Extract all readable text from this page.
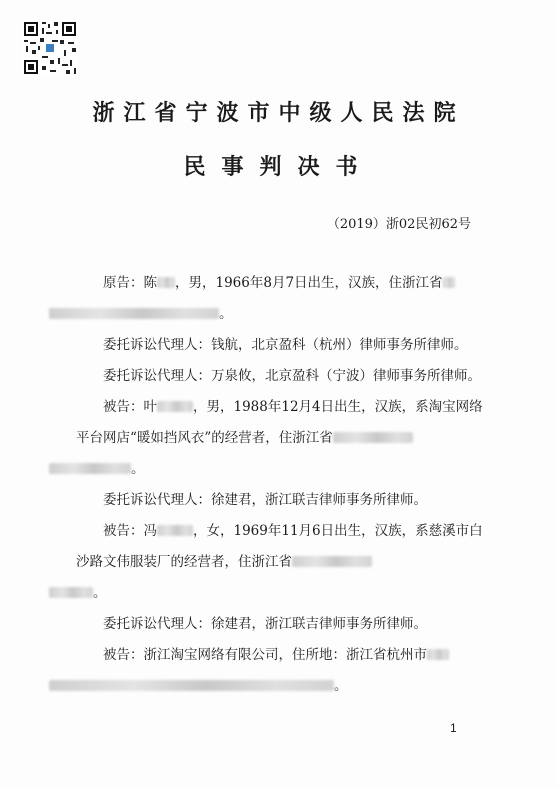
浙江省宁波市中级人民法院
民事判决书
（2019）浙02民初62号
原告：陈 ，男，1966年8月7日出生，汉族，住浙江省
。
委托诉讼代理人：钱航，北京盈科（杭州）律师事务所律师。
委托诉讼代理人：万泉攸，北京盈科（宁波）律师事务所律师。
被告：叶	，男，1988年12月4日出生，汉族，系淘宝网络平台网店“暖如挡风衣”的经营者，住浙江省
。
委托诉讼代理人：徐建君，浙江联吉律师事务所律师。
被告：冯	，女，1969年11月6日出生，汉族，系慈溪市白沙路文伟服装厂的经营者，住浙江省
。
委托诉讼代理人：徐建君，浙江联吉律师事务所律师。
被告：浙江淘宝网络有限公司，住所地：浙江省杭州市
。
1
